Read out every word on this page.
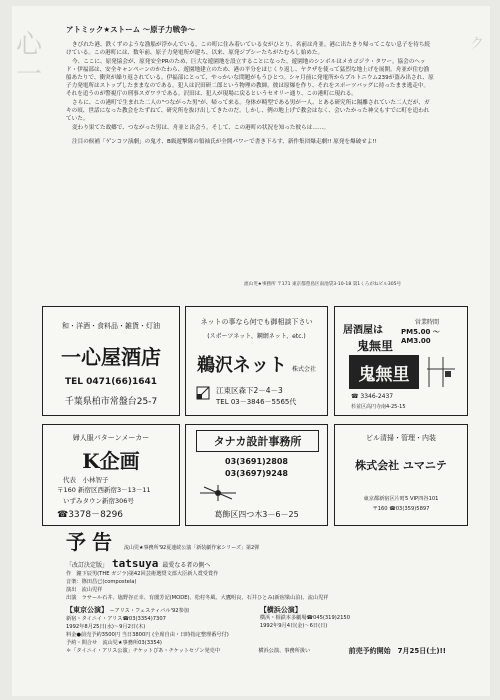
心一
ク
アトミック★ストーム 〜原子力戦争〜

きびれた港、鉄くずのような漁船が浮かんでいる。この町に住み着いている女がひとり、名前は舟並。港に出たきり帰ってこない息子を待ち続けている。この港町には、数年前、原子力発電所が建ち、以来、原発ジプシーたちがたむろし始めた。

今、ここに、原発協会が、原発安全PRのため、巨大な遊園地を設立することになった。遊園地のシンボルはメカゴジラ・タワー。協会のヘッド・伊福部は、安全キャンペーンのかたわら、遊園地建立のため、港の平分をほじくり返し、ヤクザを使って猛烈な地上げを展開。舟並が住む漁船あたりで、衝突が繰り返されている。伊福部にとって、やっかいな問題がもうひとつ。シャ月前に発電所からプルトニウム239が盗み出され、原子力発電所はストップしたままなのである。犯人は沢田研二郎という物理の教師。彼は原爆を作り、それをスポーツバッグに持ったまま逃走中。それを追うのが警視庁の刑事スガワラである。沢田は、犯人が現場に戻るというセオリー通り、この港町に現れる。

さらに、この港町で生まれた二人の"つながった男"が、帰って来る。身体が畸型である男が一人、とある研究所に隔離されていた二人だが、ガキの頃、世話になった教会をたずねて、研究所を抜け出してきたのだ。しかし、例の地上げで教会はなく、会いたかった神父もすでに町を追われていた。

変わり果てた故郷で、つながった男は、舟並と出会う。そして、この港町の状況を知った彼らは……。

注目の候補「ゲンコツ演劇」の鬼才、B級遊撃隊の領袖氏が全開パワーで書き下ろす、新作集団爆走劇!! 原発を爆破せよ!!

流山児★事務所 〒171 東京都豊島区南池袋3-10-18 第1くろがねビル305号
和・洋酒・食料品・雑貨・灯油
一心屋酒店
TEL 0471(66)1641
千葉県柏市常盤台25-7
ネットの事なら何でも御相談下さい
(スポーツネット、鋼網ネット、etc.)
鵜沢ネット 株式会社
江東区森下2－4－3
TEL 03－3846－5565代
居酒屋は
営業時間
PM5.00 ～ AM3.00
鬼無里
鬼無里
☎ 3346-2437
杉並区高円寺南4-25-15
婦人服パターンメーカー
K企画
代表　小林智子
〒160 新宿区西新宿3－13－11
いずみタウン新宿306号
☎3378－8296
タナカ設計事務所
03(3691)2808
03(3697)9248
葛飾区四つ木3－6－25
ビル清掃・管理・内装
株式会社 ユマニテ
東京都新宿区片町5 VIP四谷101
〒160 ☎03(359)5897
予告 流山児★事務所'92夏連続公演「新装劇作家シリーズ」第2弾
「改訂決定版」 tatsuya 最愛なる者の側へ
作　鐘下辰男(THE ガジラ)第42回芸術選奨文部大臣新人賞受賞作
音楽：篠田昌已(compostela)
演出　流山児祥
出演　ラサール石井、塩野谷正幸、有薗芳記(MODE)、松村冬風、大鷹明良、石井ひとみ(新宿梁山泊)、流山児祥
【東京公演】 ーアリス・フェスティバル'92参加
新宿・タイニイ・アリス☎03(3354)7307
1992年8月25日(水)～9月2日(木)
【横浜公演】
横浜・相鉄本多劇場☎045(319)2150
1992年9月4日(金)～6日(日)
料金●前売予約3500円 当日3800円 (全席自由・日時指定整理番号付)
予約・問合せ　流山児★事務所03(3354)
＊「タイニイ・アリス公演」チケットぴあ・チケットセゾン発売中	横浜公演、事務所扱い	前売予約開始　7月25日(土)!!
